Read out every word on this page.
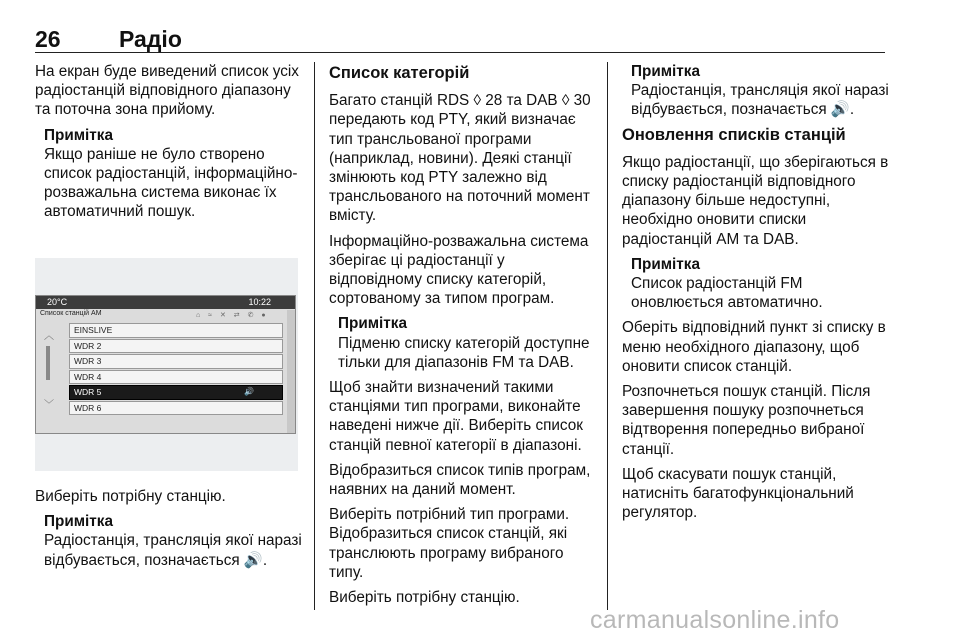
26	Радіо

На екран буде виведений список усіх радіостанцій відповідного діапазону та поточна зона прийому.

Примітка
Якщо раніше не було створено список радіостанцій, інформаційно-розважальна система виконає їх автоматичний пошук.
20°C	10:22
Список станцій AM	⌂ ≈ ✕ ⇄ ✆ ●
︿
﹀
EINSLIVE
WDR 2
WDR 3
WDR 4
WDR 5	🔊
WDR 6

Виберіть потрібну станцію.

Примітка
Радіостанція, трансляція якої наразі відбувається, позначається 🔊.
Список категорій

Багато станцій RDS ◊ 28 та DAB ◊ 30 передають код PTY, який визначає тип транcльованої програми (наприклад, новини). Деякі станції змінюють код PTY залежно від транcльованого на поточний момент вмісту.

Інформаційно-розважальна система зберігає ці радіостанції у відповідному списку категорій, сортованому за типом програм.

Примітка
Підменю списку категорій доступне тільки для діапазонів FM та DAB.

Щоб знайти визначений такими станціями тип програми, виконайте наведені нижче дії. Виберіть список станцій певної категорії в діапазоні.

Відобразиться список типів програм, наявних на даний момент.

Виберіть потрібний тип програми. Відобразиться список станцій, які транслюють програму вибраного типу.

Виберіть потрібну станцію.

Примітка
Радіостанція, трансляція якої наразі відбувається, позначається 🔊.
Оновлення списків станцій

Якщо радіостанції, що зберігаються в списку радіостанцій відповідного діапазону більше недоступні, необхідно оновити списки радіостанцій AM та DAB.

Примітка
Список радіостанцій FM оновлюється автоматично.

Оберіть відповідний пункт зі списку в меню необхідного діапазону, щоб оновити список станцій.

Розпочнеться пошук станцій. Після завершення пошуку розпочнеться відтворення попередньо вибраної станції.

Щоб скасувати пошук станцій, натисніть багатофункціональний регулятор.

carmanualsonline.info
